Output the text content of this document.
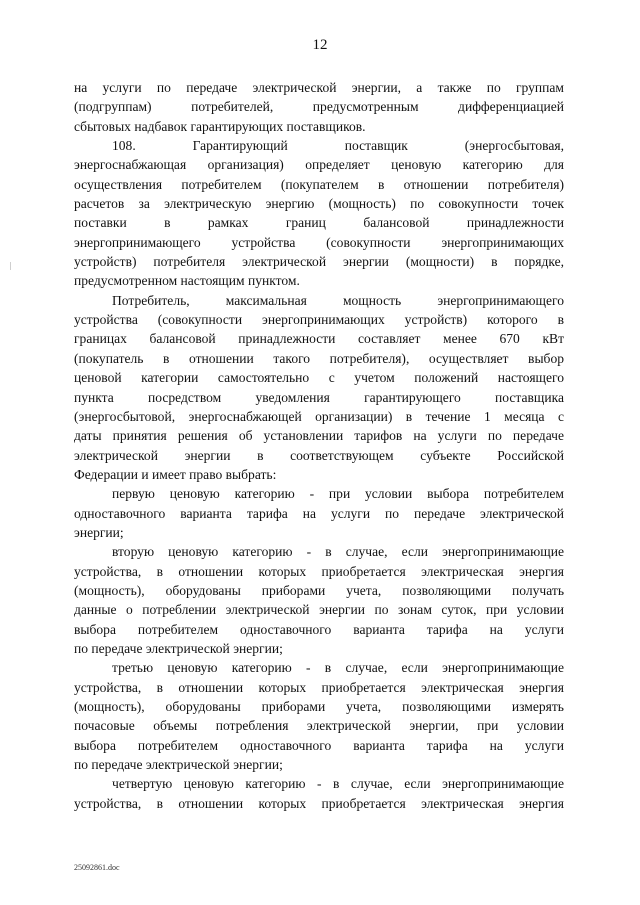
12

на услуги по передаче электрической энергии, а также по группам
(подгруппам) потребителей, предусмотренным дифференциацией
сбытовых надбавок гарантирующих поставщиков.

108. Гарантирующий поставщик (энергосбытовая,
энергоснабжающая организация) определяет ценовую категорию для
осуществления потребителем (покупателем в отношении потребителя)
расчетов за электрическую энергию (мощность) по совокупности точек
поставки в рамках границ балансовой принадлежности
энергопринимающего устройства (совокупности энергопринимающих
устройств) потребителя электрической энергии (мощности) в порядке,
предусмотренном настоящим пунктом.

Потребитель, максимальная мощность энергопринимающего
устройства (совокупности энергопринимающих устройств) которого в
границах балансовой принадлежности составляет менее 670 кВт
(покупатель в отношении такого потребителя), осуществляет выбор
ценовой категории самостоятельно с учетом положений настоящего
пункта посредством уведомления гарантирующего поставщика
(энергосбытовой, энергоснабжающей организации) в течение 1 месяца с
даты принятия решения об установлении тарифов на услуги по передаче
электрической энергии в соответствующем субъекте Российской
Федерации и имеет право выбрать:

первую ценовую категорию - при условии выбора потребителем
одноставочного варианта тарифа на услуги по передаче электрической
энергии;

вторую ценовую категорию - в случае, если энергопринимающие
устройства, в отношении которых приобретается электрическая энергия
(мощность), оборудованы приборами учета, позволяющими получать
данные о потреблении электрической энергии по зонам суток, при условии
выбора потребителем одноставочного варианта тарифа на услуги
по передаче электрической энергии;

третью ценовую категорию - в случае, если энергопринимающие
устройства, в отношении которых приобретается электрическая энергия
(мощность), оборудованы приборами учета, позволяющими измерять
почасовые объемы потребления электрической энергии, при условии
выбора потребителем одноставочного варианта тарифа на услуги
по передаче электрической энергии;

четвертую ценовую категорию - в случае, если энергопринимающие
устройства, в отношении которых приобретается электрическая энергия

25092861.doc
